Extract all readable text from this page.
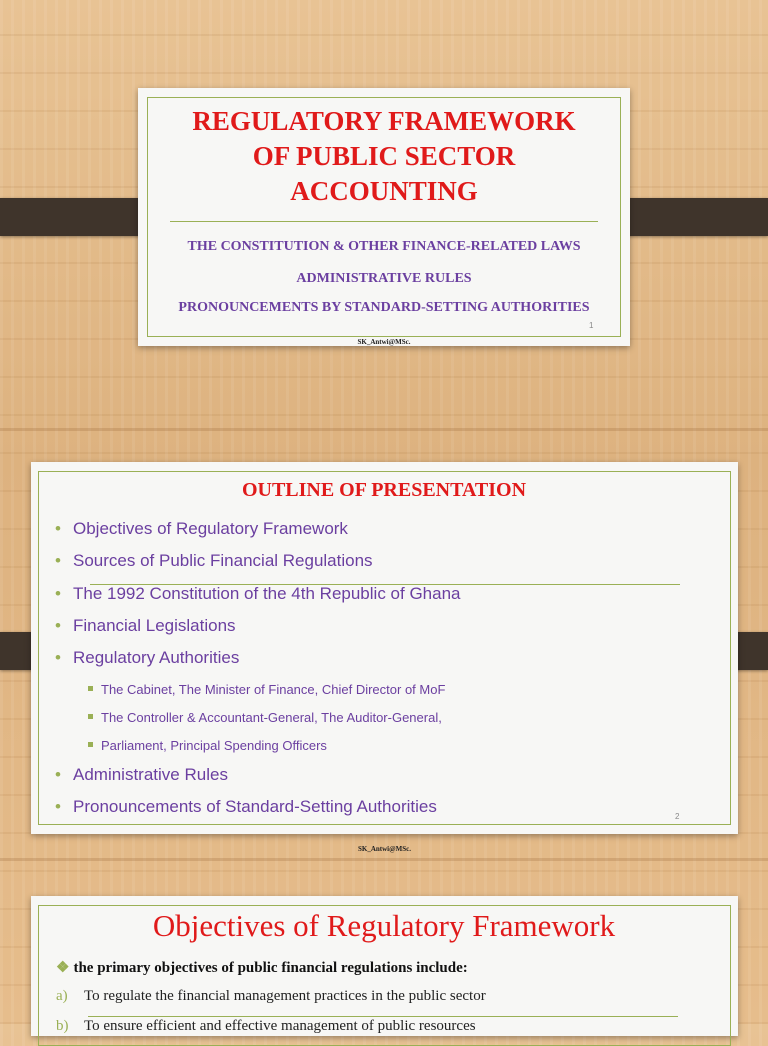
REGULATORY FRAMEWORK
OF PUBLIC SECTOR
ACCOUNTING
THE CONSTITUTION & OTHER FINANCE-RELATED LAWS
ADMINISTRATIVE RULES
PRONOUNCEMENTS BY STANDARD-SETTING AUTHORITIES
1
SK_Antwi@MSc.
OUTLINE OF PRESENTATION
• Objectives of Regulatory Framework
• Sources of Public Financial Regulations
• The 1992 Constitution of the 4th Republic of Ghana
• Financial Legislations
• Regulatory Authorities
The Cabinet, The Minister of Finance, Chief Director of MoF
The Controller & Accountant-General, The Auditor-General,
Parliament, Principal Spending Officers
• Administrative Rules
• Pronouncements of Standard-Setting Authorities
2
SK_Antwi@MSc.
Objectives of Regulatory Framework
❖ the primary objectives of public financial regulations include:
a) To regulate the financial management practices in the public sector
b) To ensure efficient and effective management of public resources
